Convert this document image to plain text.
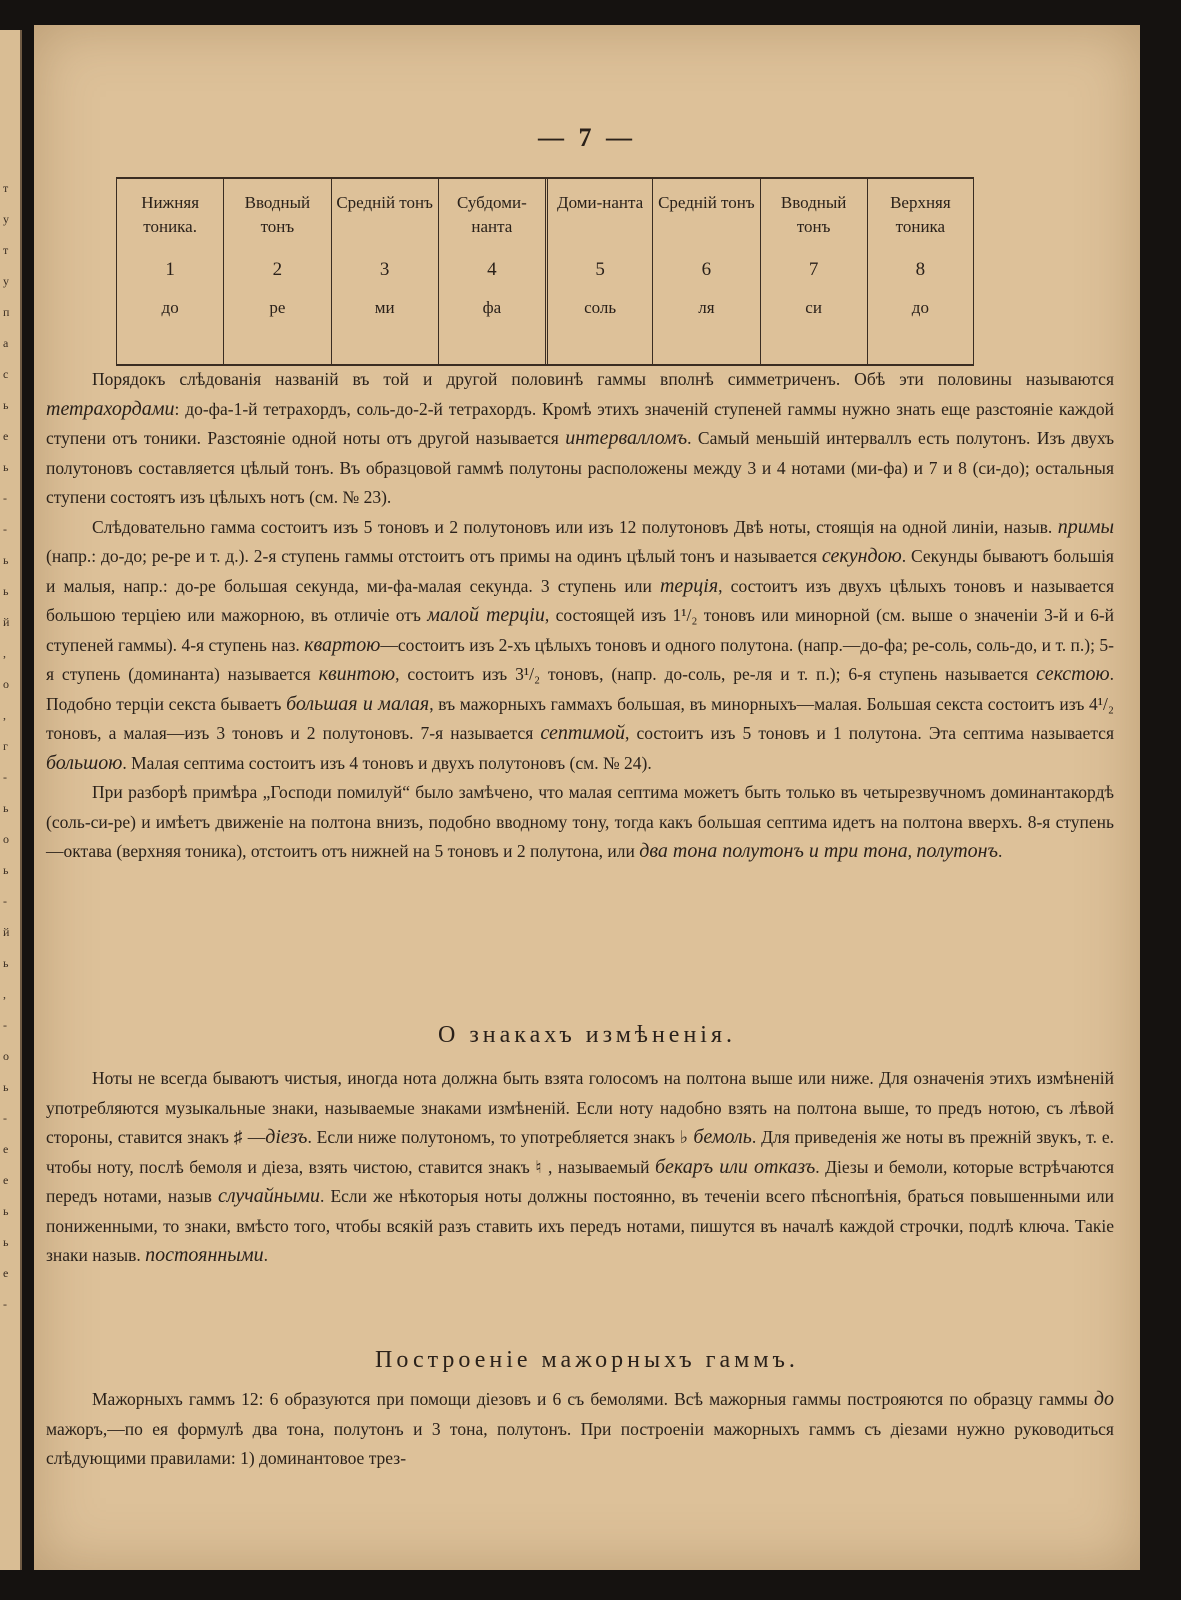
т
у
т
у
п
а
с
ь
е
ь
-
-
ь
ь
й
,
о
,
г
-
ь
о
ь
-
й
ь
,
-
о
ь
-
е
е
ь
ь
е
-
— 7 —
Нижняя тоника.
1
до
Вводный тонъ
2
ре
Средній тонъ
3
ми
Субдоми-нанта
4
фа
Доми-нанта
5
соль
Средній тонъ
6
ля
Вводный тонъ
7
си
Верхняя тоника
8
до

Порядокъ слѣдованія названій въ той и другой половинѣ гаммы вполнѣ симметриченъ. Обѣ эти половины называются тетрахордами: до-фа-1-й тетрахордъ, соль-до-2-й тетрахордъ. Кромѣ этихъ значеній ступеней гаммы нужно знать еще разстояніе каждой ступени отъ тоники. Разстояніе одной ноты отъ другой называется интервалломъ. Самый меньшій интерваллъ есть полутонъ. Изъ двухъ полутоновъ составляется цѣлый тонъ. Въ образцовой гаммѣ полутоны расположены между 3 и 4 нотами (ми-фа) и 7 и 8 (си-до); остальныя ступени состоятъ изъ цѣлыхъ нотъ (см. № 23).

Слѣдовательно гамма состоитъ изъ 5 тоновъ и 2 полутоновъ или изъ 12 полутоновъ Двѣ ноты, стоящія на одной линіи, назыв. примы (напр.: до-до; ре-ре и т. д.). 2-я ступень гаммы отстоитъ отъ примы на одинъ цѣлый тонъ и называется секундою. Секунды бываютъ большія и малыя, напр.: до-ре большая секунда, ми-фа-малая секунда. 3 ступень или терція, состоитъ изъ двухъ цѣлыхъ тоновъ и называется большою терціею или мажорною, въ отличіе отъ малой терціи, состоящей изъ 1¹/₂ тоновъ или минорной (см. выше о значеніи 3-й и 6-й ступеней гаммы). 4-я ступень наз. квартою—состоитъ изъ 2-хъ цѣлыхъ тоновъ и одного полутона. (напр.—до-фа; ре-соль, соль-до, и т. п.); 5-я ступень (доминанта) называется квинтою, состоитъ изъ 3¹/₂ тоновъ, (напр. до-соль, ре-ля и т. п.); 6-я ступень называется секстою. Подобно терціи секста бываетъ большая и малая, въ мажорныхъ гаммахъ большая, въ минорныхъ—малая. Большая секста состоитъ изъ 4¹/₂ тоновъ, а малая—изъ 3 тоновъ и 2 полутоновъ. 7-я называется септимой, состоитъ изъ 5 тоновъ и 1 полутона. Эта септима называется большою. Малая септима состоитъ изъ 4 тоновъ и двухъ полутоновъ (см. № 24).

При разборѣ примѣра „Господи помилуй“ было замѣчено, что малая септима можетъ быть только въ четырезвучномъ доминантакордѣ (соль-си-ре) и имѣетъ движеніе на полтона внизъ, подобно вводному тону, тогда какъ большая септима идетъ на полтона вверхъ. 8-я ступень—октава (верхняя тоника), отстоитъ отъ нижней на 5 тоновъ и 2 полутона, или два тона полутонъ и три тона, полутонъ.

О знакахъ измѣненія.

Ноты не всегда бываютъ чистыя, иногда нота должна быть взята голосомъ на полтона выше или ниже. Для означенія этихъ измѣненій употребляются музыкальные знаки, называемые знаками измѣненій. Если ноту надобно взять на полтона выше, то предъ нотою, съ лѣвой стороны, ставится знакъ ♯ —діезъ. Если ниже полутономъ, то употребляется знакъ ♭ бемоль. Для приведенія же ноты въ прежній звукъ, т. е. чтобы ноту, послѣ бемоля и діеза, взять чистою, ставится знакъ ♮ , называемый бекаръ или отказъ. Діезы и бемоли, которые встрѣчаются передъ нотами, назыв случайными. Если же нѣкоторыя ноты должны постоянно, въ теченіи всего пѣснопѣнія, браться повышенными или пониженными, то знаки, вмѣсто того, чтобы всякій разъ ставить ихъ передъ нотами, пишутся въ началѣ каждой строчки, подлѣ ключа. Такіе знаки назыв. постоянными.

Построеніе мажорныхъ гаммъ.

Мажорныхъ гаммъ 12: 6 образуются при помощи діезовъ и 6 съ бемолями. Всѣ мажорныя гаммы построяются по образцу гаммы до мажоръ,—по ея формулѣ два тона, полутонъ и 3 тона, полутонъ. При построеніи мажорныхъ гаммъ съ діезами нужно руководиться слѣдующими правилами: 1) доминантовое трез-
